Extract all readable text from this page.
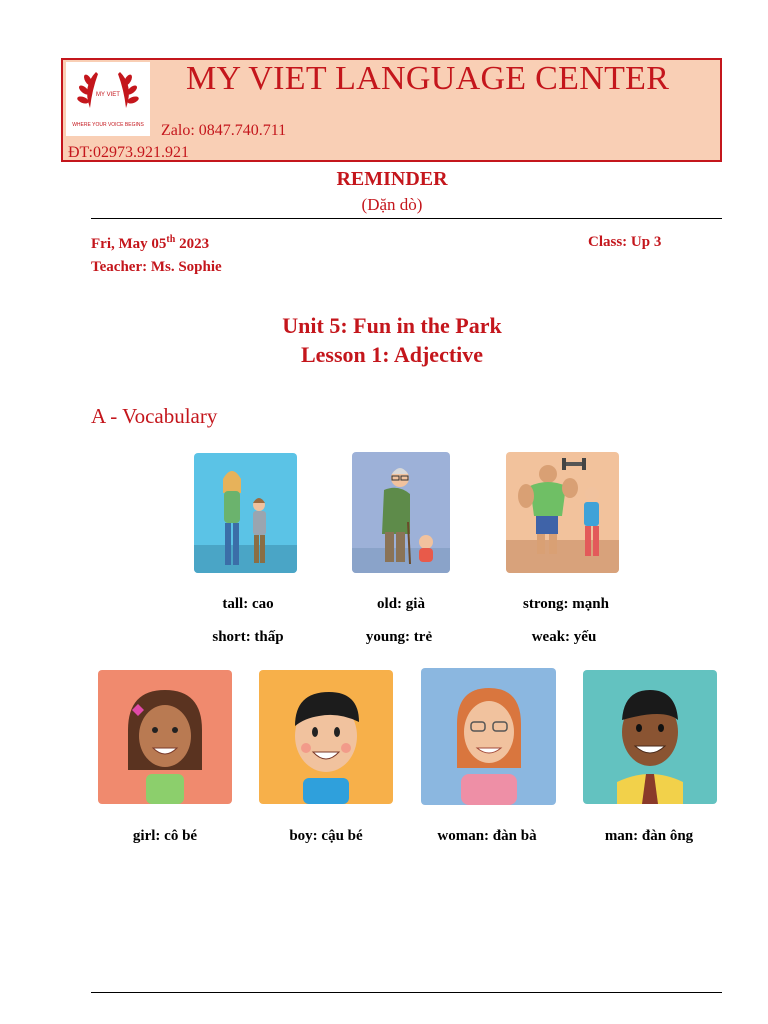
MY VIET
WHERE YOUR VOICE BEGINS
MY VIET LANGUAGE CENTER
Zalo: 0847.740.711
ĐT:02973.921.921
REMINDER
(Dặn dò)
Fri, May 05th 2023	Class: Up 3
Teacher: Ms. Sophie
Unit 5: Fun in the Park
Lesson 1: Adjective
A - Vocabulary
tall: cao
short: thấp
old: già
young: trẻ
strong: mạnh
weak: yếu
girl: cô bé	boy: cậu bé	woman: đàn bà	man: đàn ông
